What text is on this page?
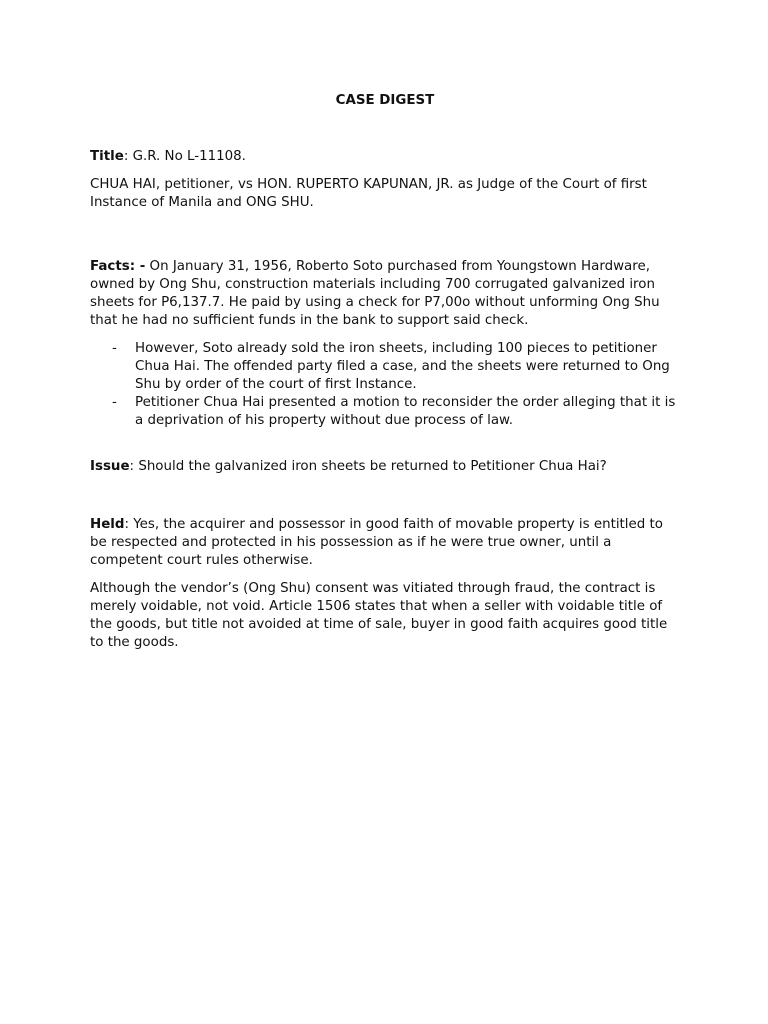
CASE DIGEST

Title: G.R. No L-11108.

CHUA HAI, petitioner, vs HON. RUPERTO KAPUNAN, JR. as Judge of the Court of first Instance of Manila and ONG SHU.

Facts: - On January 31, 1956, Roberto Soto purchased from Youngstown Hardware, owned by Ong Shu, construction materials including 700 corrugated galvanized iron sheets for P6,137.7. He paid by using a check for P7,00o without unforming Ong Shu that he had no sufficient funds in the bank to support said check.

- However, Soto already sold the iron sheets, including 100 pieces to petitioner Chua Hai. The offended party filed a case, and the sheets were returned to Ong Shu by order of the court of first Instance.
- Petitioner Chua Hai presented a motion to reconsider the order alleging that it is a deprivation of his property without due process of law.

Issue: Should the galvanized iron sheets be returned to Petitioner Chua Hai?

Held: Yes, the acquirer and possessor in good faith of movable property is entitled to be respected and protected in his possession as if he were true owner, until a competent court rules otherwise.

Although the vendor’s (Ong Shu) consent was vitiated through fraud, the contract is merely voidable, not void. Article 1506 states that when a seller with voidable title of the goods, but title not avoided at time of sale, buyer in good faith acquires good title to the goods.
